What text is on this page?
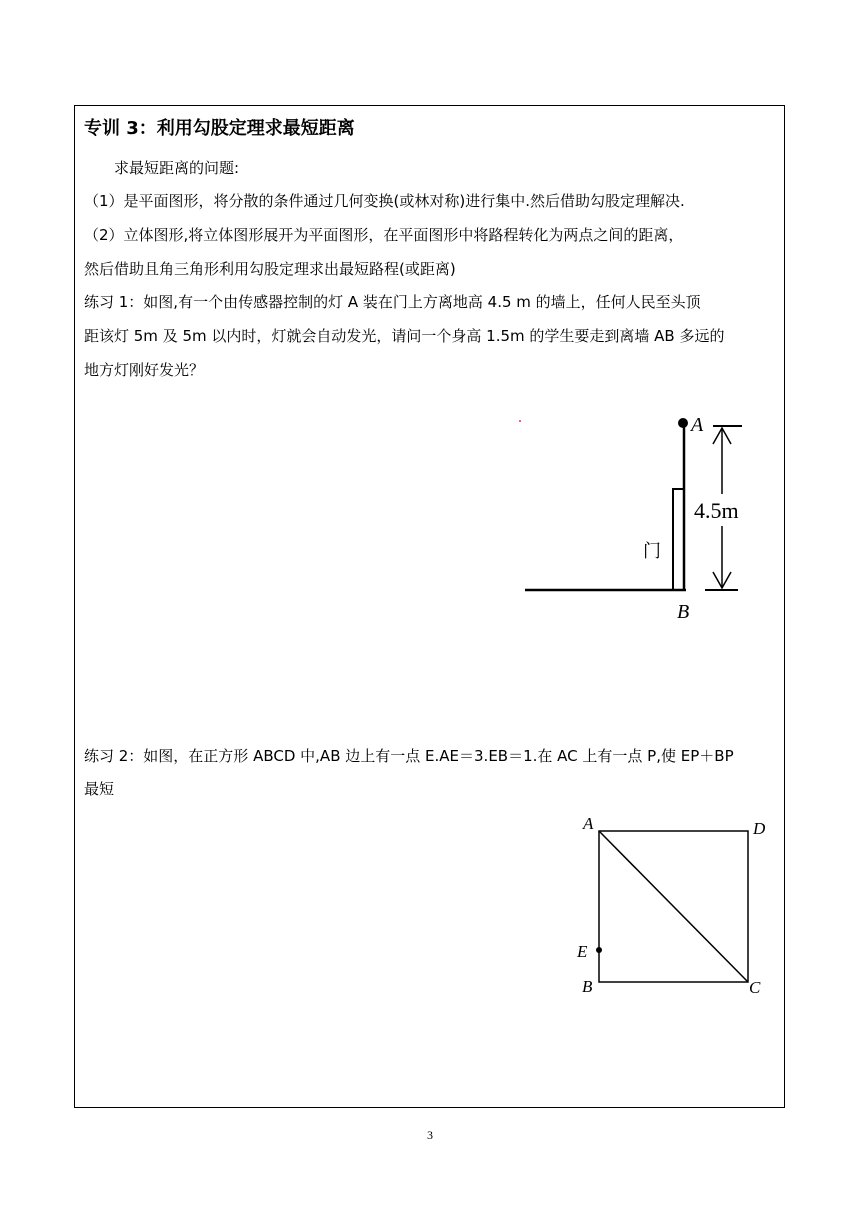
专训 3：利用勾股定理求最短距离
求最短距离的问题:
（1）是平面图形，将分散的条件通过几何变换(或林对称)进行集中.然后借助勾股定理解决.
（2）立体图形,将立体图形展开为平面图形，在平面图形中将路程转化为两点之间的距离，
然后借助且角三角形利用勾股定理求出最短路程(或距离)
练习 1：如图,有一个由传感器控制的灯 A 装在门上方离地高 4.5 m 的墙上，任何人民至头顶
距该灯 5m 及 5m 以内时，灯就会自动发光，请问一个身高 1.5m 的学生要走到离墙 AB 多远的
地方灯刚好发光？
A
B
4.5m
门
练习 2：如图，在正方形 ABCD 中,AB 边上有一点 E.AE＝3.EB＝1.在 AC 上有一点 P,使 EP＋BP
最短
A	D
E
B	C
3
